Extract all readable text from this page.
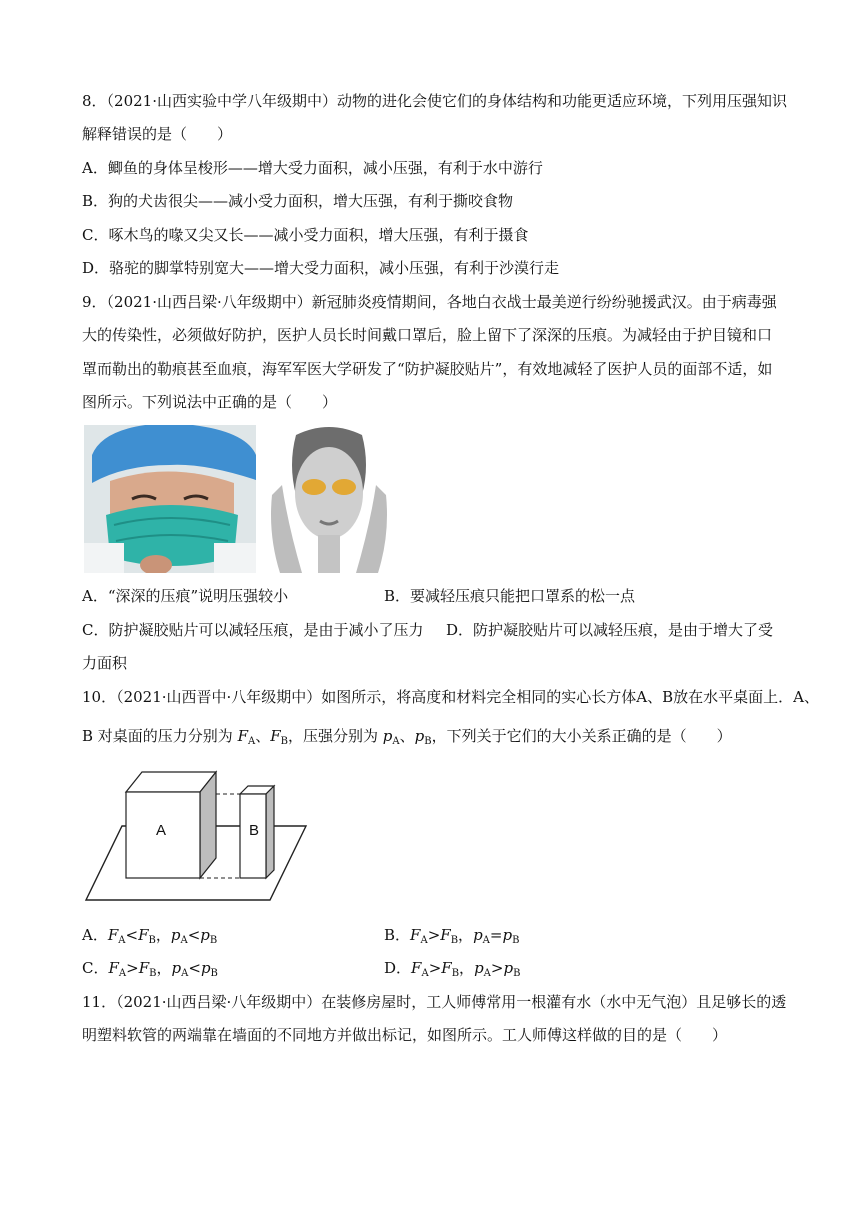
8．（2021·山西实验中学八年级期中）动物的进化会使它们的身体结构和功能更适应环境，下列用压强知识
解释错误的是（　　）
A．鲫鱼的身体呈梭形——增大受力面积，减小压强，有利于水中游行
B．狗的犬齿很尖——减小受力面积，增大压强，有利于撕咬食物
C．啄木鸟的喙又尖又长——减小受力面积，增大压强，有利于摄食
D．骆驼的脚掌特别宽大——增大受力面积，减小压强，有利于沙漠行走
9．（2021·山西吕梁·八年级期中）新冠肺炎疫情期间，各地白衣战士最美逆行纷纷驰援武汉。由于病毒强
大的传染性，必须做好防护，医护人员长时间戴口罩后，脸上留下了深深的压痕。为减轻由于护目镜和口
罩而勒出的勒痕甚至血痕，海军军医大学研发了“防护凝胶贴片”，有效地减轻了医护人员的面部不适，如
图所示。下列说法中正确的是（　　）
A．“深深的压痕”说明压强较小	B．要减轻压痕只能把口罩系的松一点
C．防护凝胶贴片可以减轻压痕，是由于减小了压力 D．防护凝胶贴片可以减轻压痕，是由于增大了受
力面积
10．（2021·山西晋中·八年级期中）如图所示，将高度和材料完全相同的实心长方体A、B放在水平桌面上．A、
B 对桌面的压力分别为 $F_A$、$F_B$，压强分别为 $p_A$、$p_B$，下列关于它们的大小关系正确的是（　　）
A	B
A．$F_A<F_B$，$p_A<p_B$	B．$F_A>F_B$，$p_A=p_B$
C．$F_A>F_B$，$p_A<p_B$	D．$F_A>F_B$，$p_A>p_B$
11．（2021·山西吕梁·八年级期中）在装修房屋时，工人师傅常用一根灌有水（水中无气泡）且足够长的透
明塑料软管的两端靠在墙面的不同地方并做出标记，如图所示。工人师傅这样做的目的是（　　）
